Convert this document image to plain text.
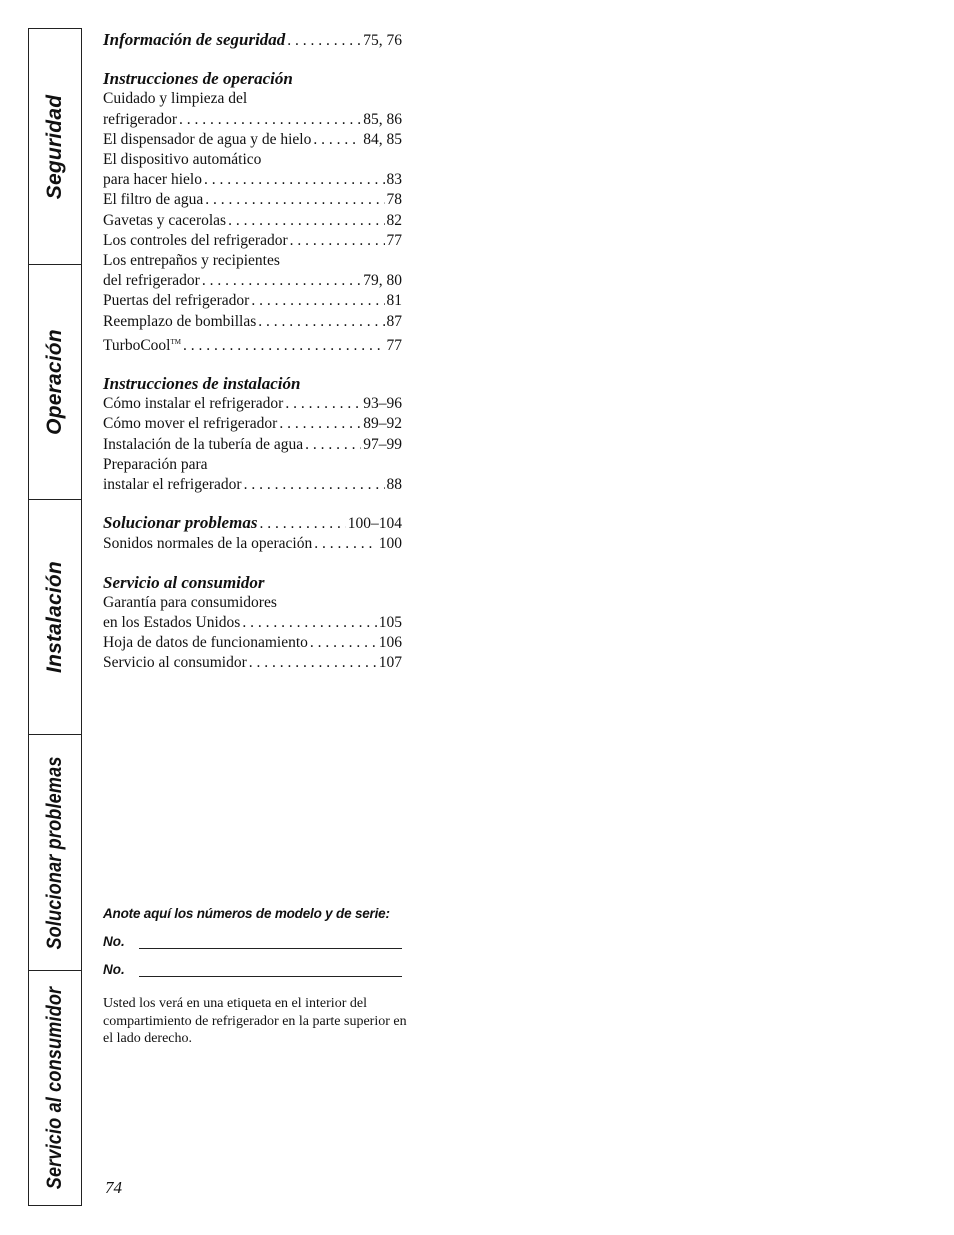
Seguridad
Operación
Instalación
Solucionar problemas
Servicio al consumidor
Información de seguridad . . .	75, 76
Instrucciones de operación
Cuidado y limpieza del
refrigerador . . .	85, 86
El dispensador de agua y de hielo . . .	84, 85
El dispositivo automático
para hacer hielo . . .	83
El filtro de agua . . .	78
Gavetas y cacerolas . . .	82
Los controles del refrigerador . . .	77
Los entrepaños y recipientes
del refrigerador . . .	79, 80
Puertas del refrigerador . . .	81
Reemplazo de bombillas . . .	87
TurboCool™ . . .	77
Instrucciones de instalación
Cómo instalar el refrigerador . . .	93–96
Cómo mover el refrigerador . . .	89–92
Instalación de la tubería de agua . . .	97–99
Preparación para
instalar el refrigerador . . .	88
Solucionar problemas . . .	100–104
Sonidos normales de la operación . . .	100
Servicio al consumidor
Garantía para consumidores
en los Estados Unidos . . .	105
Hoja de datos de funcionamiento . . .	106
Servicio al consumidor . . .	107
Anote aquí los números de modelo y de serie:
No.
No.
Usted los verá en una etiqueta en el interior del compartimiento de refrigerador en la parte superior en el lado derecho.
74
